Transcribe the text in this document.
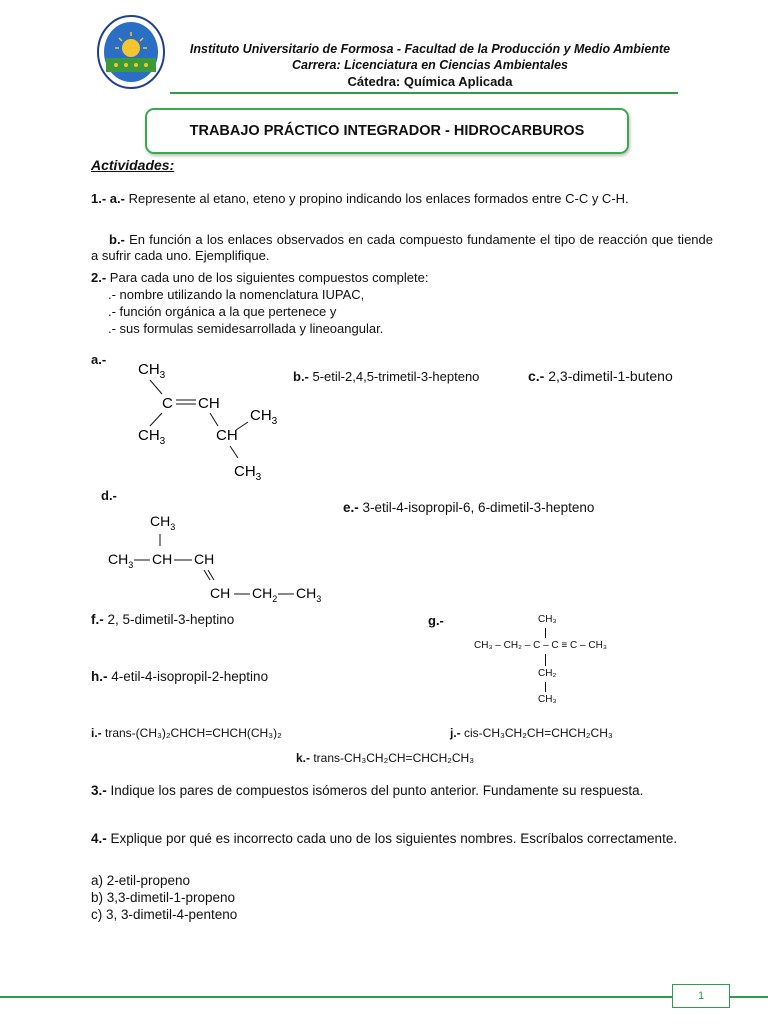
Instituto Universitario de Formosa - Facultad de la Producción y Medio Ambiente
Carrera: Licenciatura en Ciencias Ambientales
Cátedra: Química Aplicada
TRABAJO PRÁCTICO INTEGRADOR - HIDROCARBUROS
Actividades:
1.- a.- Represente al etano, eteno y propino indicando los enlaces formados entre C-C y C-H.
b.- En función a los enlaces observados en cada compuesto fundamente el tipo de reacción que tiende a sufrir cada uno. Ejemplifique.
2.- Para cada uno de los siguientes compuestos complete:
.- nombre utilizando la nomenclatura IUPAC,
.- función orgánica a la que pertenece y
.- sus formulas semidesarrollada y lineoangular.
a.-
$CH_3$
C CH
$CH_3$	CH
$CH_3$
$CH_3$
b.- 5-etil-2,4,5-trimetil-3-hepteno	c.- 2,3-dimetil-1-buteno
d.-
$CH_3$
$CH_3$ CH CH
CH $CH_2$ $CH_3$
e.- 3-etil-4-isopropil-6, 6-dimetil-3-hepteno
f.- 2, 5-dimetil-3-heptino	g.-	CH₃
CH₃ – CH₂ – C – C ≡ C – CH₃
CH₂
CH₃
h.- 4-etil-4-isopropil-2-heptino
i.- trans-(CH₃)₂CHCH=CHCH(CH₃)₂	j.- cis-CH₃CH₂CH=CHCH₂CH₃
k.- trans-CH₃CH₂CH=CHCH₂CH₃
3.- Indique los pares de compuestos isómeros del punto anterior. Fundamente su respuesta.
4.- Explique por qué es incorrecto cada uno de los siguientes nombres. Escríbalos correctamente.
a) 2-etil-propeno
b) 3,3-dimetil-1-propeno
c) 3, 3-dimetil-4-penteno
1
